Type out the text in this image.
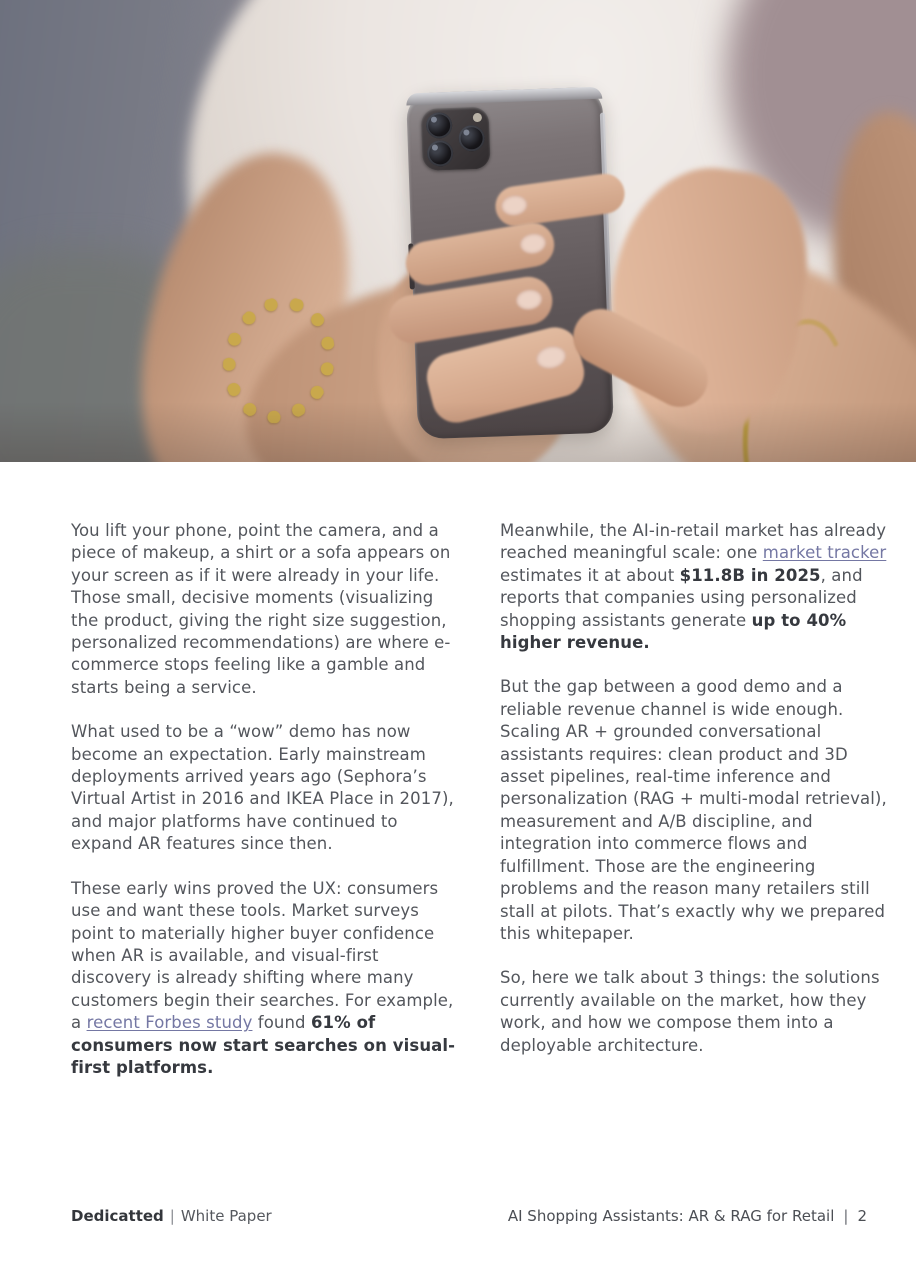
You lift your phone, point the camera, and a piece of makeup, a shirt or a sofa appears on your screen as if it were already in your life. Those small, decisive moments (visualizing the product, giving the right size suggestion, personalized recommendations) are where e-commerce stops feeling like a gamble and starts being a service.

What used to be a “wow” demo has now become an expectation. Early mainstream deployments arrived years ago (Sephora’s Virtual Artist in 2016 and IKEA Place in 2017), and major platforms have continued to expand AR features since then.

These early wins proved the UX: consumers use and want these tools. Market surveys point to materially higher buyer confidence when AR is available, and visual-first discovery is already shifting where many customers begin their searches. For example, a recent Forbes study found 61% of consumers now start searches on visual-first platforms.

Meanwhile, the AI-in-retail market has already reached meaningful scale: one market tracker estimates it at about $11.8B in 2025, and reports that companies using personalized shopping assistants generate up to 40% higher revenue.

But the gap between a good demo and a reliable revenue channel is wide enough. Scaling AR + grounded conversational assistants requires: clean product and 3D asset pipelines, real-time inference and personalization (RAG + multi-modal retrieval), measurement and A/B discipline, and integration into commerce flows and fulfillment. Those are the engineering problems and the reason many retailers still stall at pilots. That’s exactly why we prepared this whitepaper.

So, here we talk about 3 things: the solutions currently available on the market, how they work, and how we compose them into a deployable architecture.

Dedicatted | White Paper	AI Shopping Assistants: AR & RAG for Retail | 2
